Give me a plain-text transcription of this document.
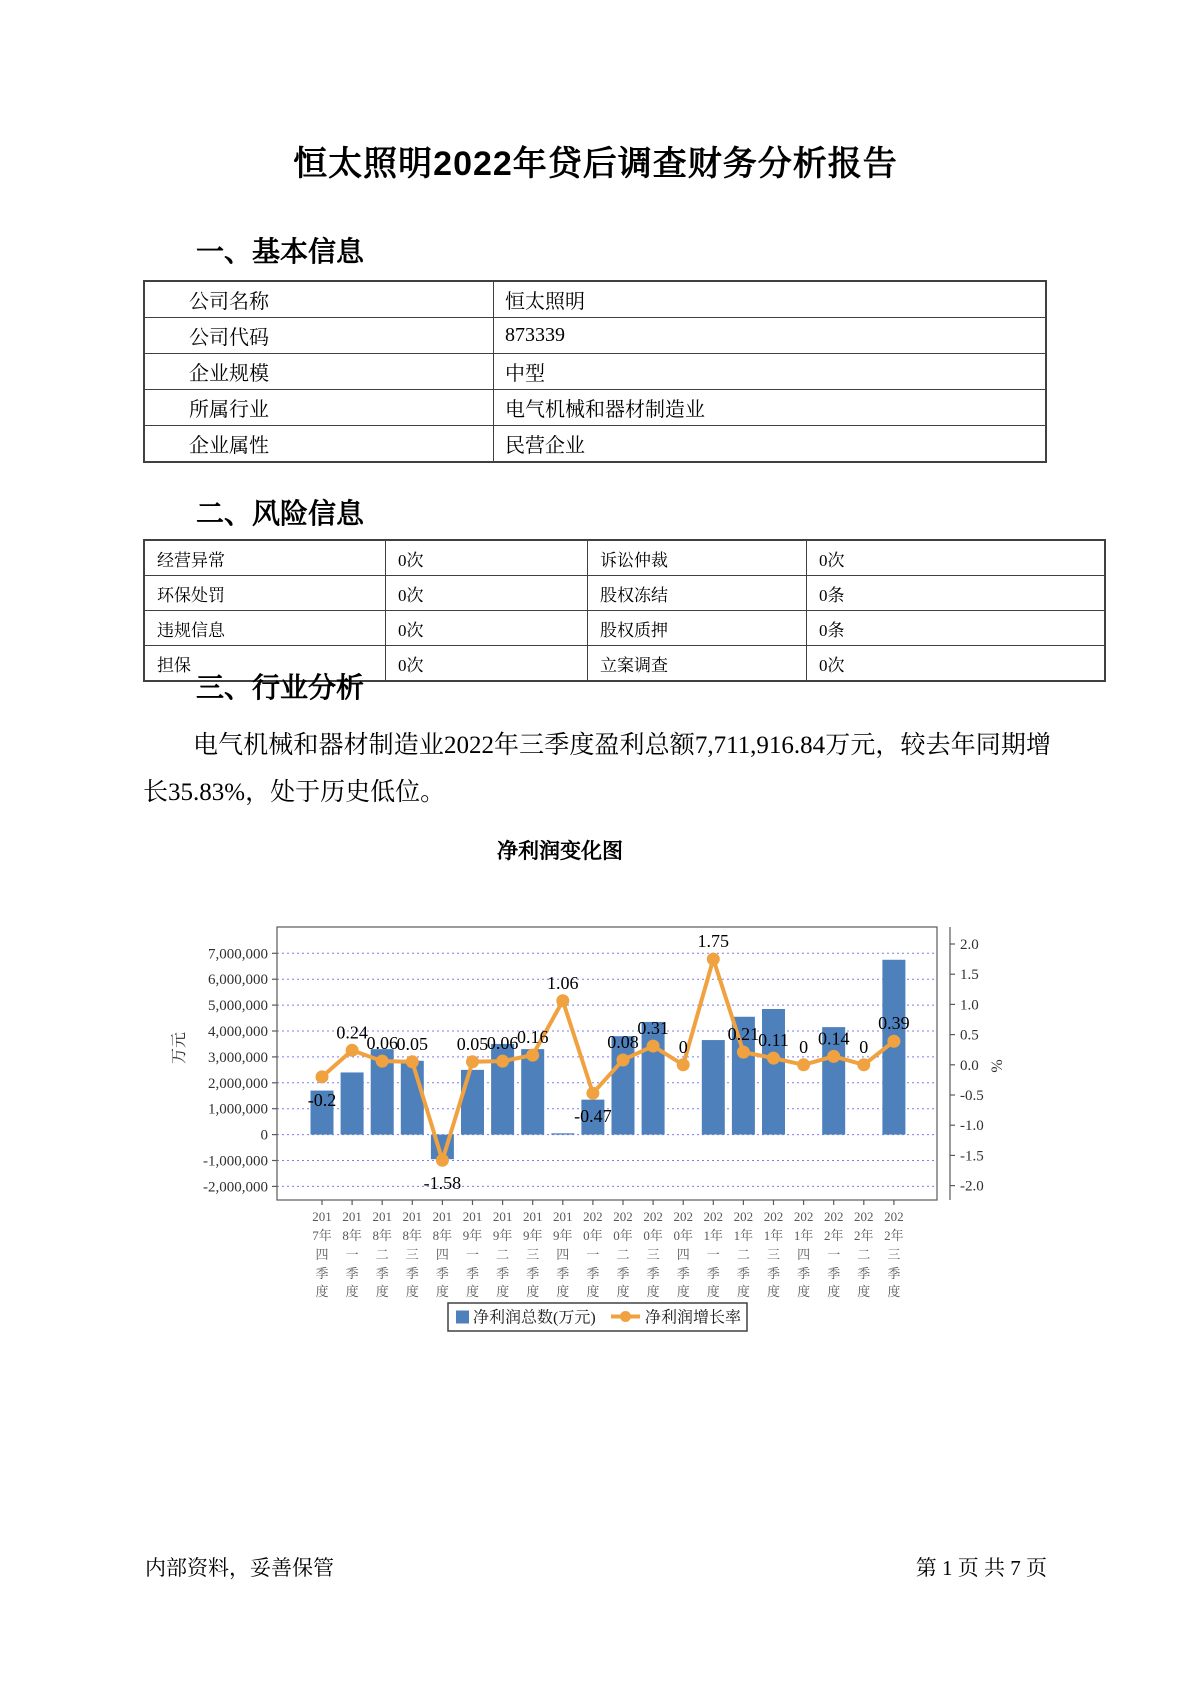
恒太照明2022年贷后调查财务分析报告
一、基本信息
公司名称	恒太照明
公司代码	873339
企业规模	中型
所属行业	电气机械和器材制造业
企业属性	民营企业
二、风险信息
经营异常	0次	诉讼仲裁	0次
环保处罚	0次	股权冻结	0条
违规信息	0次	股权质押	0条
担保	0次	立案调查	0次
三、行业分析

电气机械和器材制造业2022年三季度盈利总额7,711,916.84万元，较去年同期增长35.83%，处于历史低位。

净利润变化图
7,000,000
6,000,000
5,000,000
4,000,000
3,000,000
2,000,000
1,000,000
0
-1,000,000
-2,000,000
万元
2.0
1.5
1.0
0.5
0.0
-0.5
-1.0
-1.5
-2.0
%
201
7年
四
季
度
201
8年
一
季
度
201
8年
二
季
度
201
8年
三
季
度
201
8年
四
季
度
201
9年
一
季
度
201
9年
二
季
度
201
9年
三
季
度
201
9年
四
季
度
202
0年
一
季
度
202
0年
二
季
度
202
0年
三
季
度
202
0年
四
季
度
202
1年
一
季
度
202
1年
二
季
度
202
1年
三
季
度
202
1年
四
季
度
202
2年
一
季
度
202
2年
二
季
度
202
2年
三
季
度
-0.2
0.24
0.06
0.05
-1.58
0.05
0.06
0.16
1.06
-0.47
0.08
0.31
0
1.75
0.21
0.11 0 0.14 0
0.39
净利润总数(万元)	净利润增长率
内部资料，妥善保管	第 1 页 共 7 页
